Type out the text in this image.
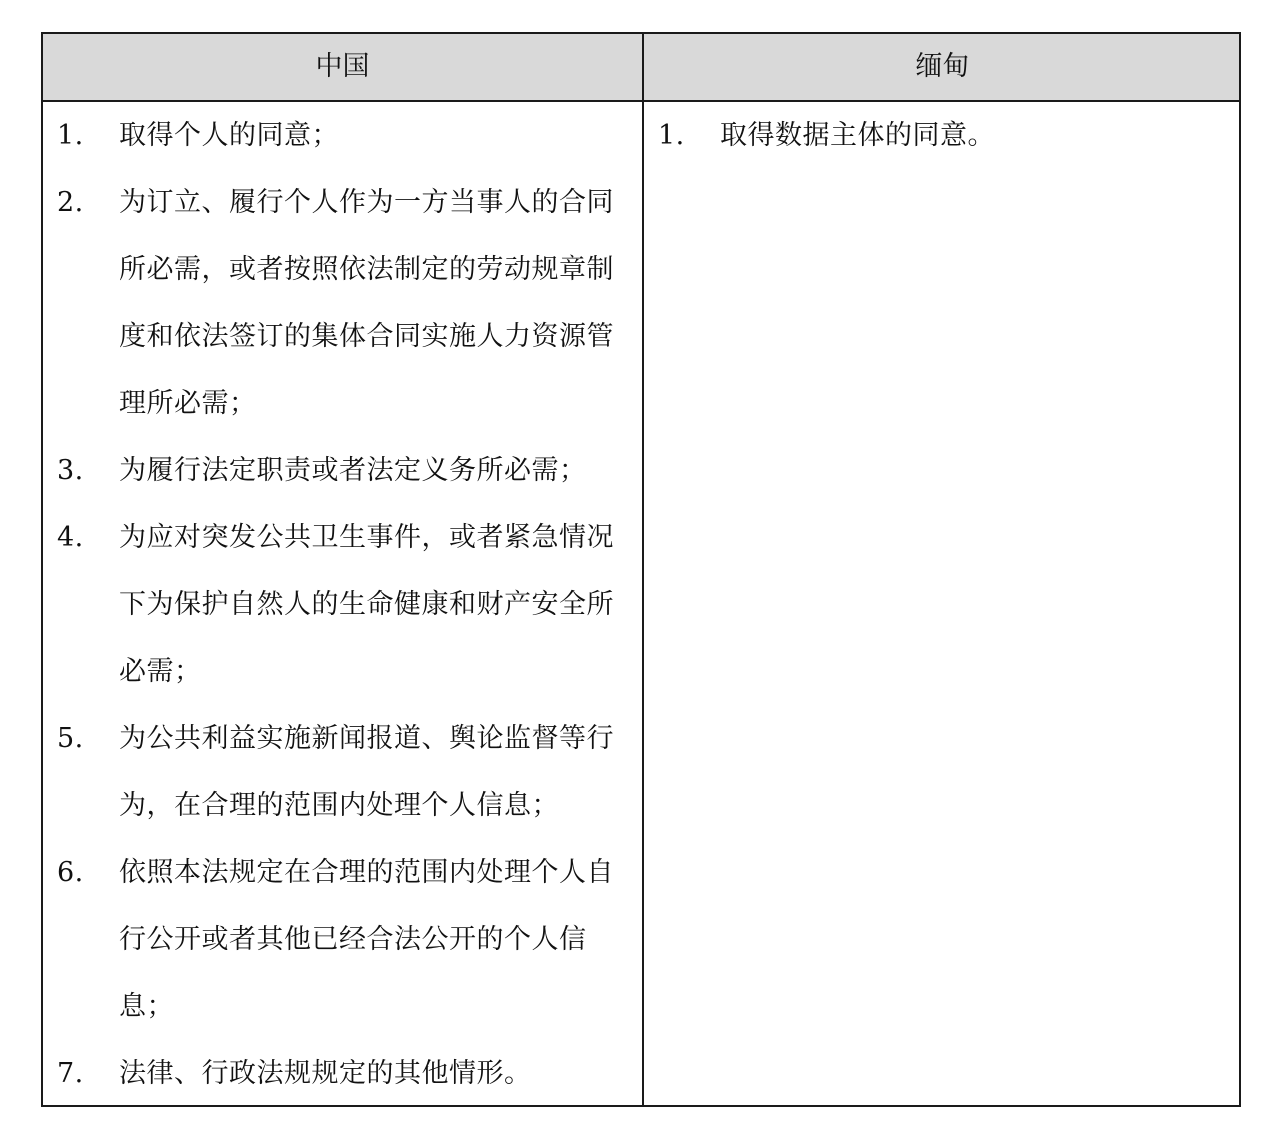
中国	缅甸
1. 取得个人的同意；
2. 为订立、履行个人作为一方当事人的合同所必需，或者按照依法制定的劳动规章制度和依法签订的集体合同实施人力资源管理所必需；
3. 为履行法定职责或者法定义务所必需；
4. 为应对突发公共卫生事件，或者紧急情况下为保护自然人的生命健康和财产安全所必需；
5. 为公共利益实施新闻报道、舆论监督等行为，在合理的范围内处理个人信息；
6. 依照本法规定在合理的范围内处理个人自行公开或者其他已经合法公开的个人信息；
7. 法律、行政法规规定的其他情形。
1. 取得数据主体的同意。
